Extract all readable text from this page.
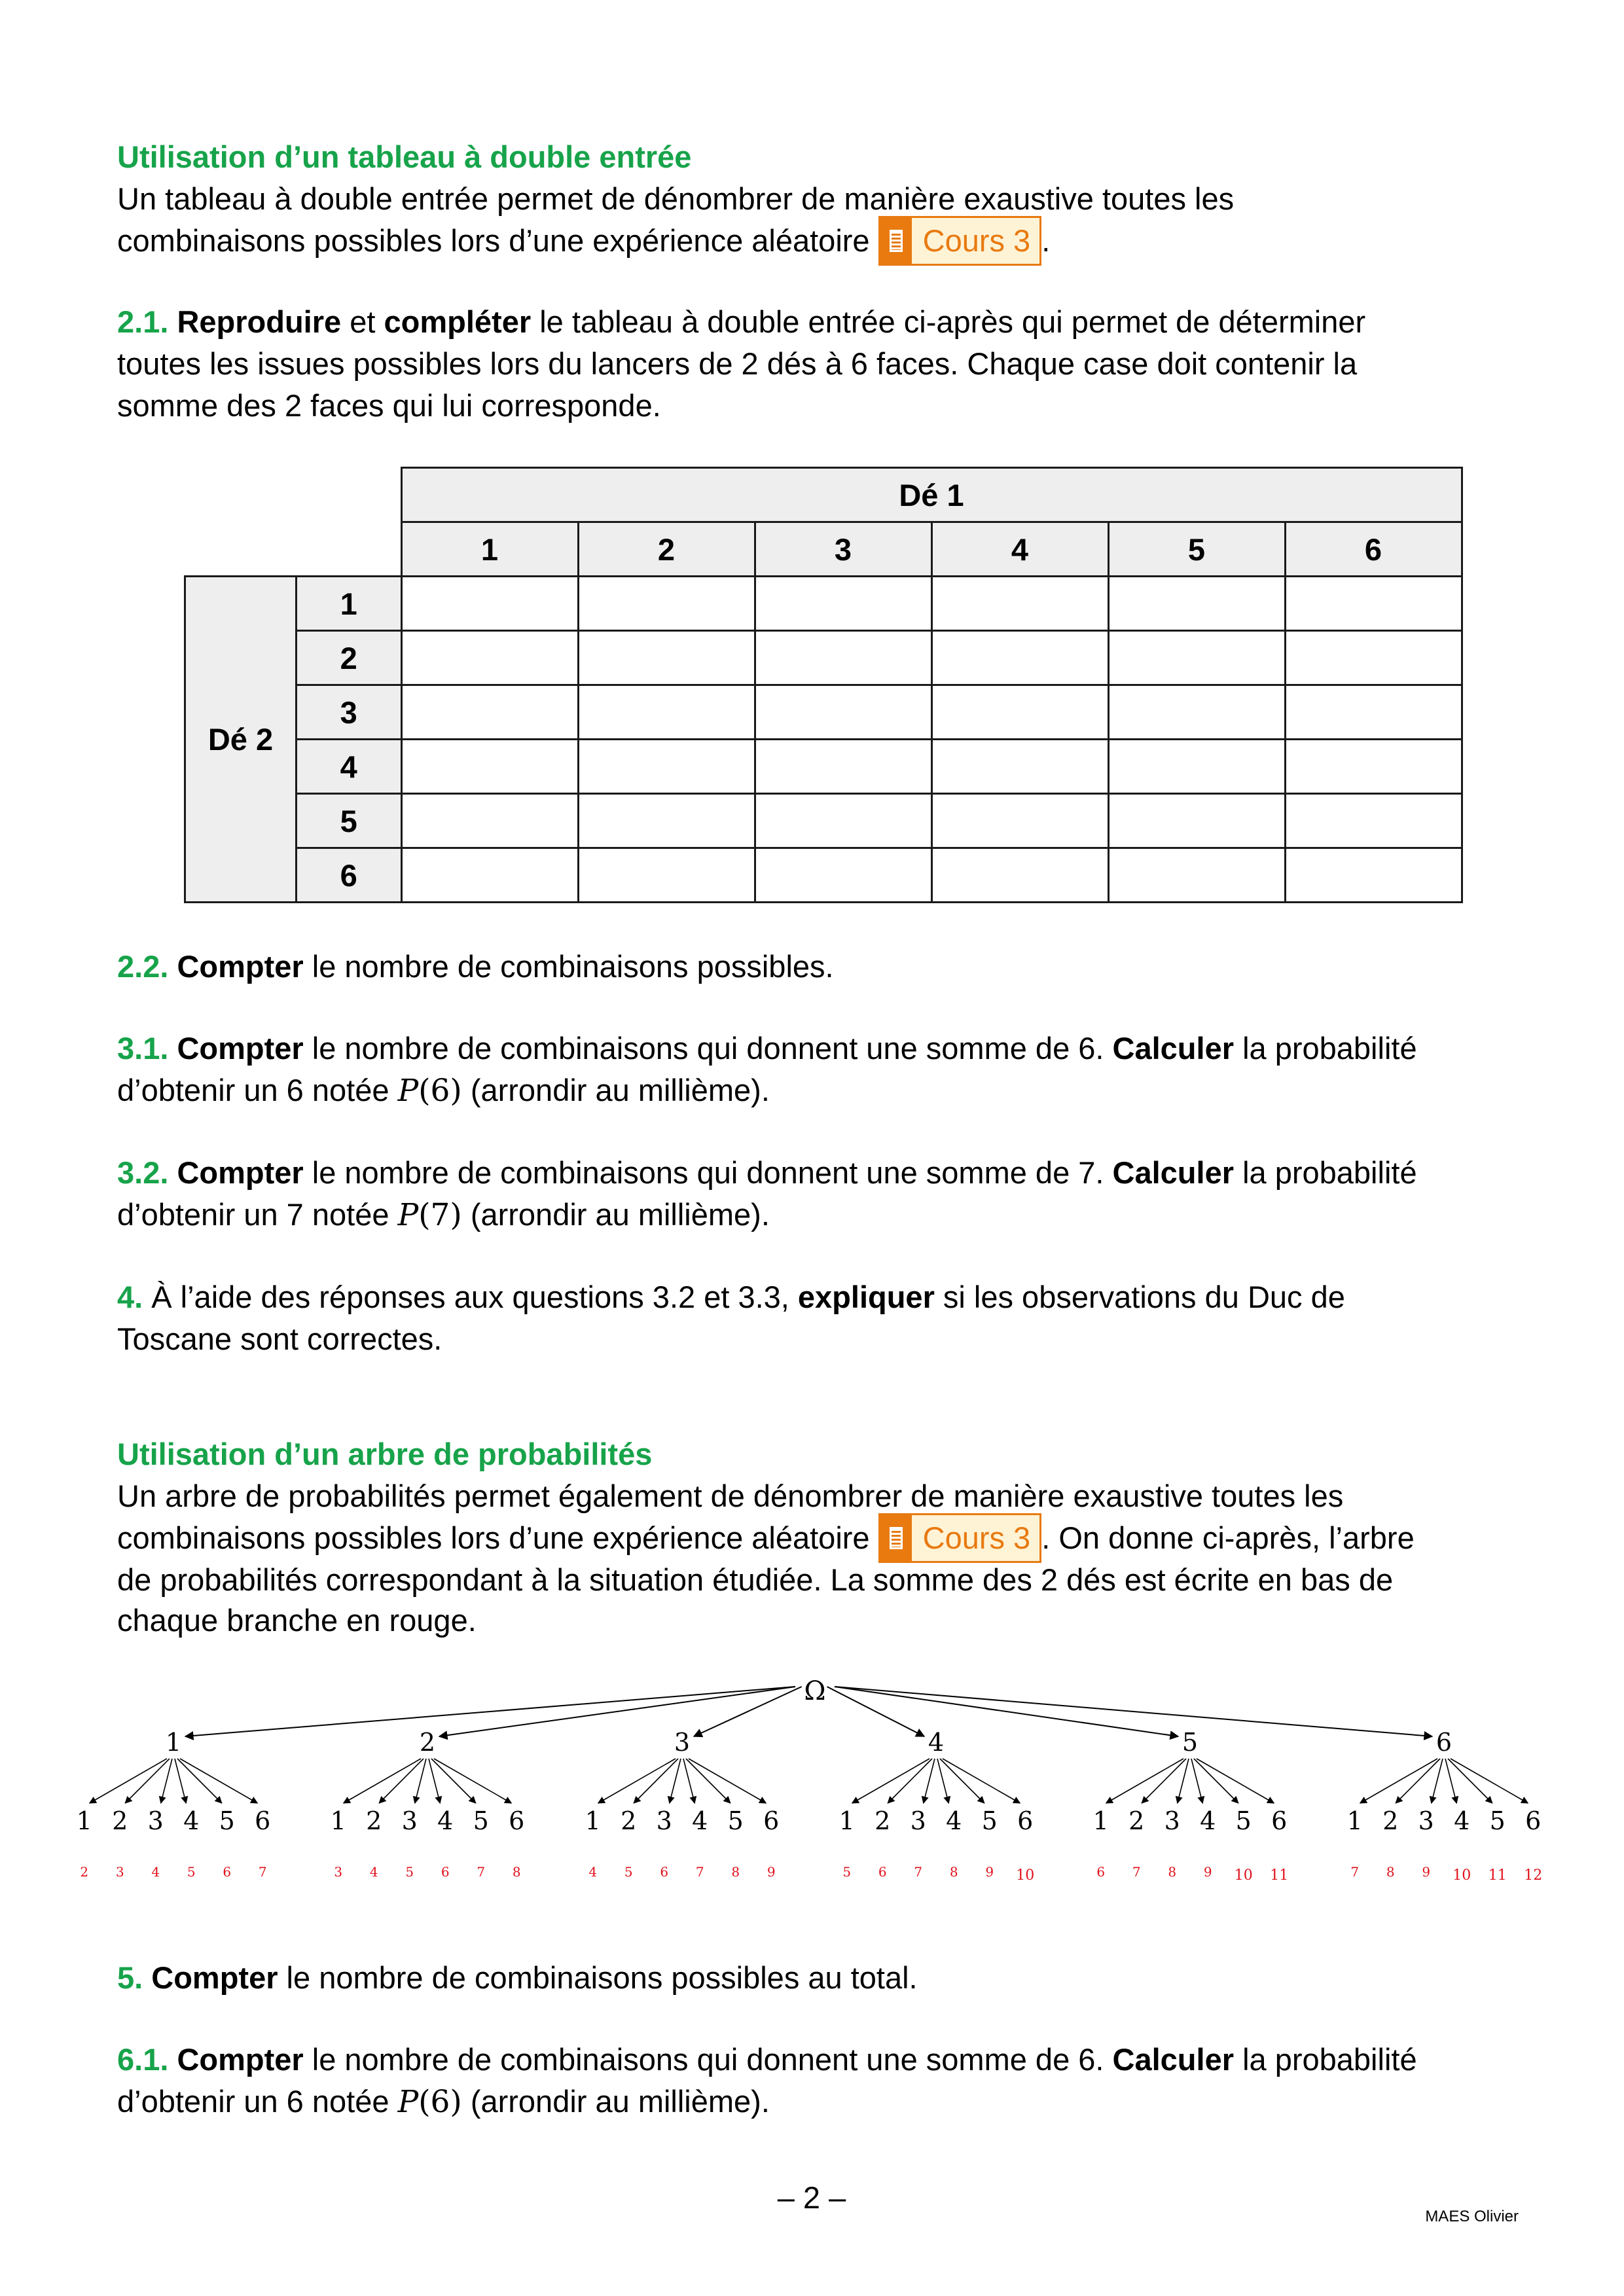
Utilisation d’un tableau à double entrée
Un tableau à double entrée permet de dénombrer de manière exaustive toutes les
combinaisons possibles lors d’une expérience aléatoire Cours 3 .
2.1. Reproduire et compléter le tableau à double entrée ci-après qui permet de déterminer
toutes les issues possibles lors du lancers de 2 dés à 6 faces. Chaque case doit contenir la
somme des 2 faces qui lui corresponde.
		Dé 1					
		1	2	3	4	5	6
Dé 2	1						
	2						
	3						
	4						
	5						
	6						
2.2. Compter le nombre de combinaisons possibles.
3.1. Compter le nombre de combinaisons qui donnent une somme de 6. Calculer la probabilité
d’obtenir un 6 notée P(6) (arrondir au millième).
3.2. Compter le nombre de combinaisons qui donnent une somme de 7. Calculer la probabilité
d’obtenir un 7 notée P(7) (arrondir au millième).
4. À l’aide des réponses aux questions 3.2 et 3.3, expliquer si les observations du Duc de
Toscane sont correctes.
Utilisation d’un arbre de probabilités
Un arbre de probabilités permet également de dénombrer de manière exaustive toutes les
combinaisons possibles lors d’une expérience aléatoire Cours 3 . On donne ci-après, l’arbre
de probabilités correspondant à la situation étudiée. La somme des 2 dés est écrite en bas de
chaque branche en rouge.
Ω
1
1
2
2
3
3
4
4
5
5
6
6
7
2
1
3
2
4
3
5
4
6
5
7
6
8
3
1
4
2
5
3
6
4
7
5
8
6
9
4
1
5
2
6
3
7
4
8
5
9
6
10
5
1
6
2
7
3
8
4
9
5
10
6
11
6
1
7
2
8
3
9
4
10
5
11
6
12
5. Compter le nombre de combinaisons possibles au total.
6.1. Compter le nombre de combinaisons qui donnent une somme de 6. Calculer la probabilité
d’obtenir un 6 notée P(6) (arrondir au millième).
– 2 –
MAES Olivier
